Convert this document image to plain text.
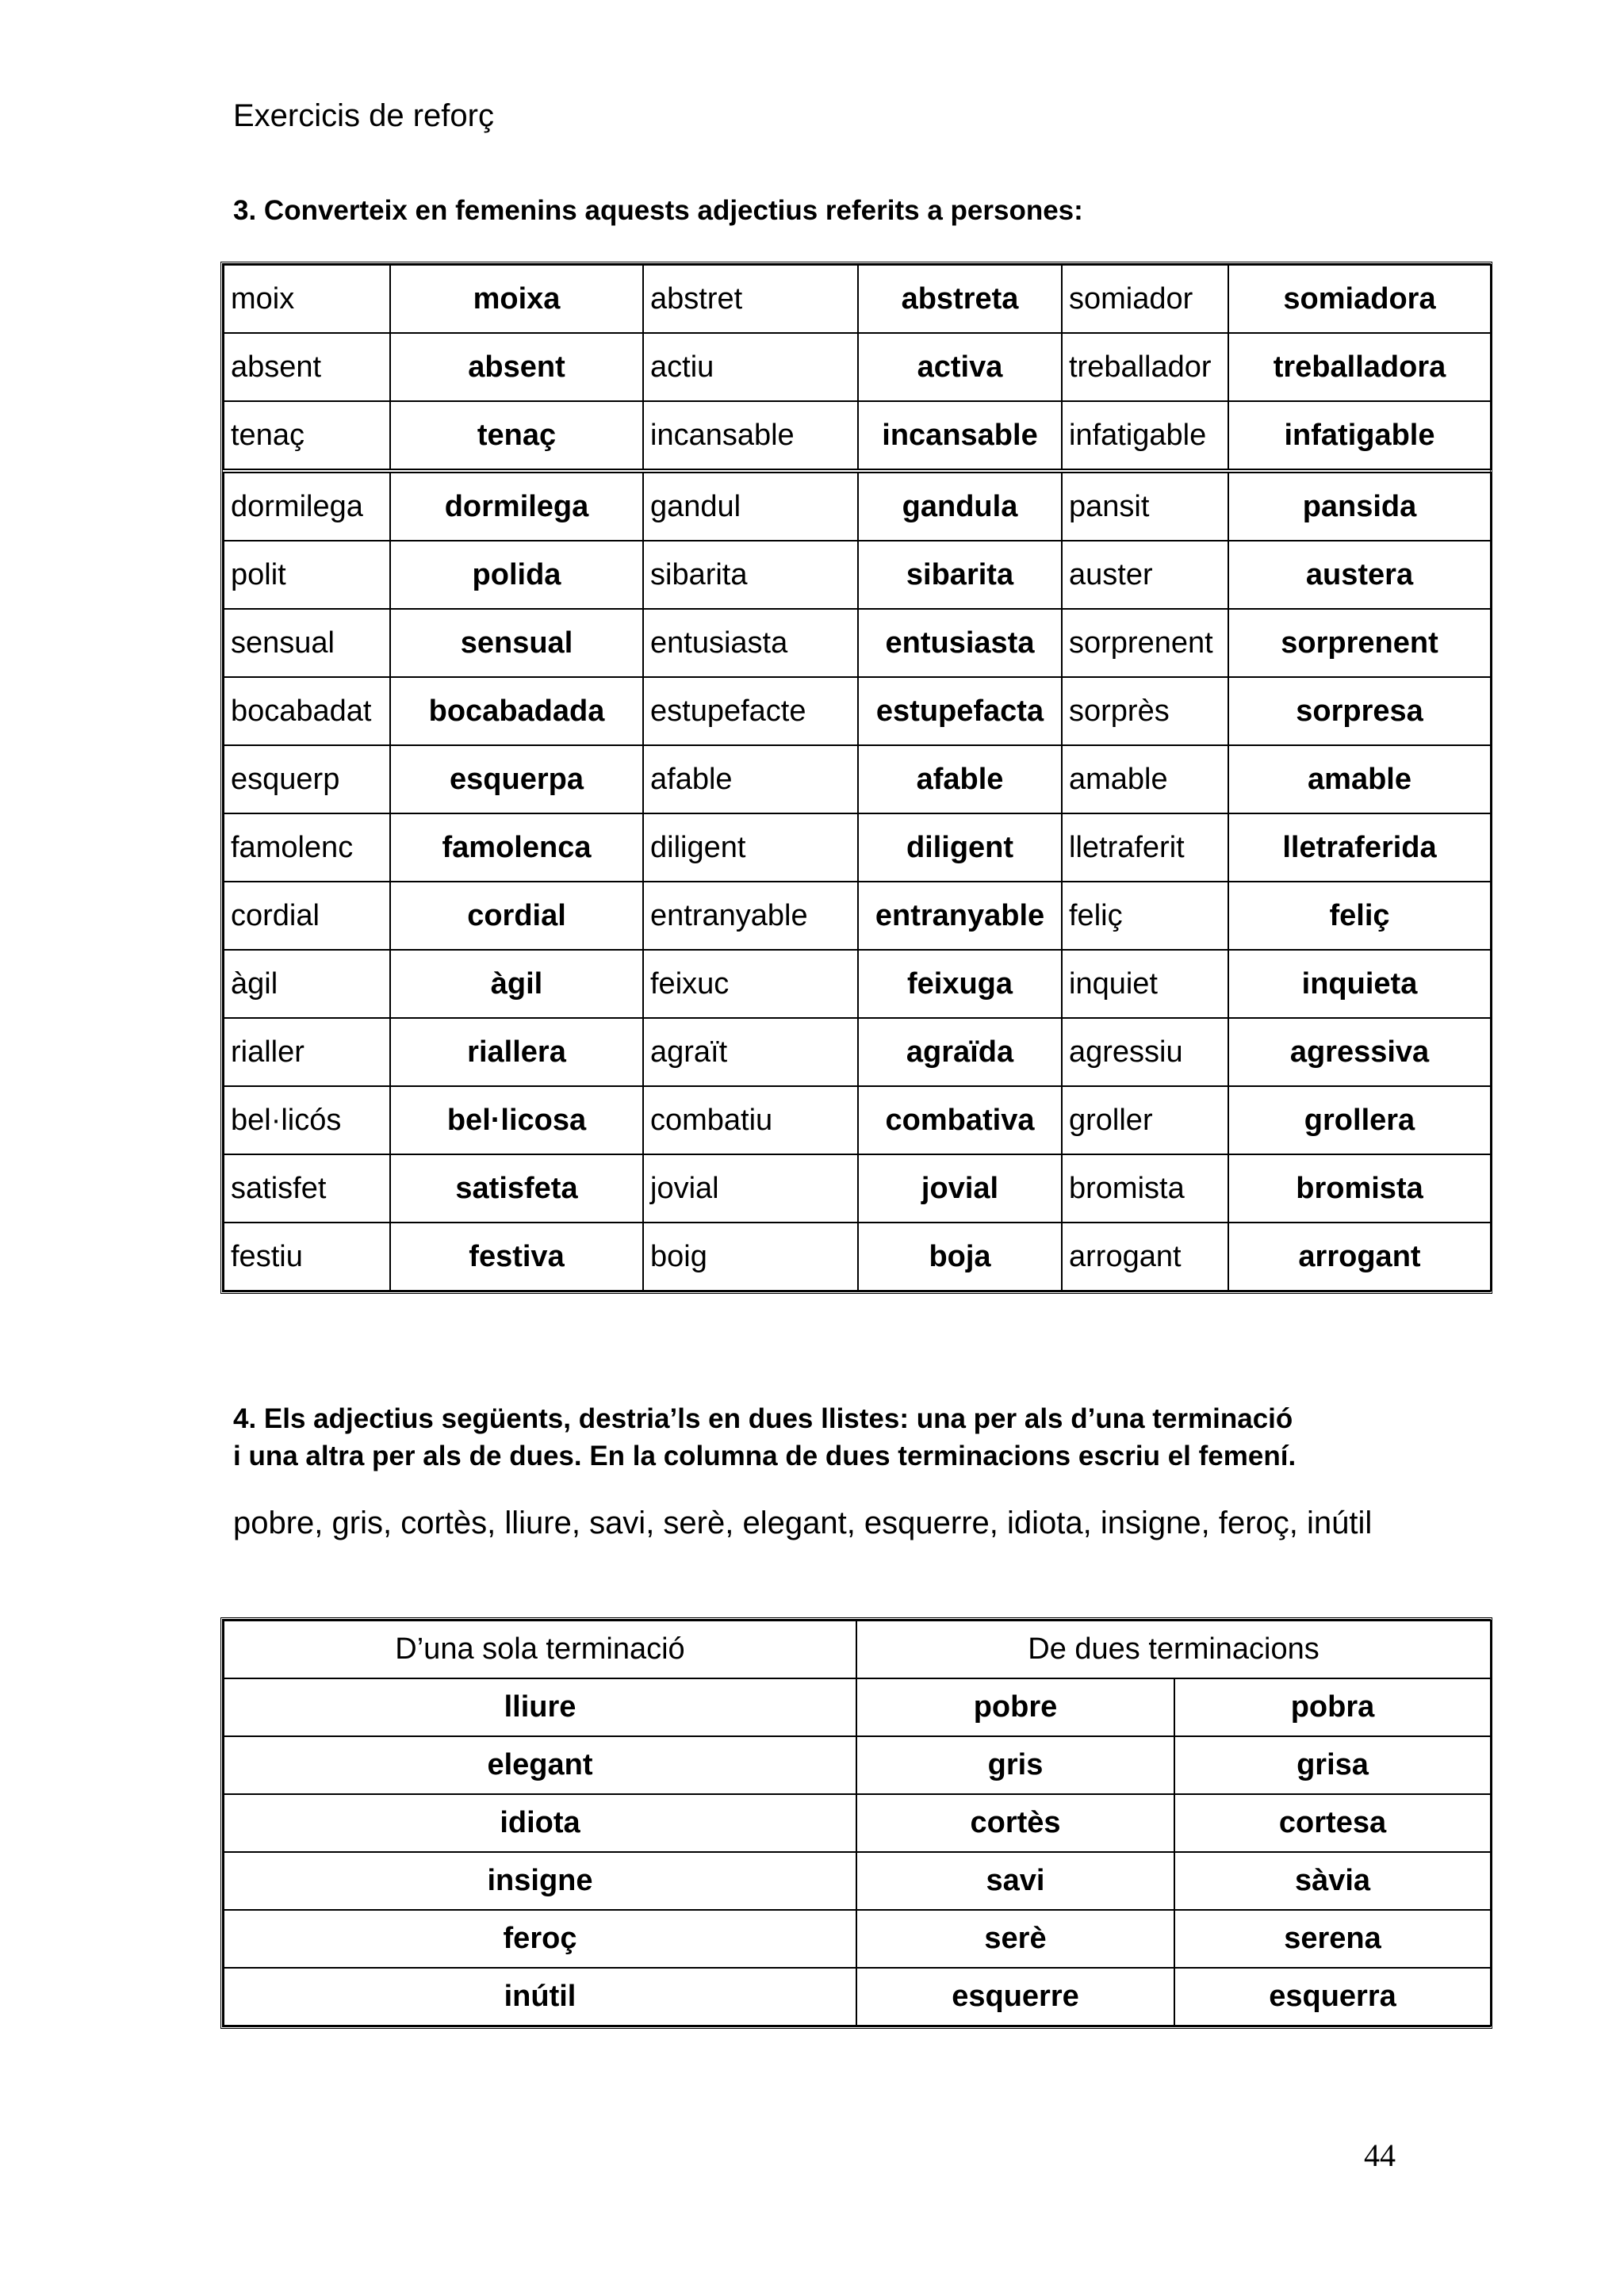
Exercicis de reforç

3. Converteix en femenins aquests adjectius referits a persones:

moix	moixa	abstret	abstreta	somiador	somiadora
absent	absent	actiu	activa	treballador	treballadora
tenaç	tenaç	incansable	incansable	infatigable	infatigable
dormilega	dormilega	gandul	gandula	pansit	pansida
polit	polida	sibarita	sibarita	auster	austera
sensual	sensual	entusiasta	entusiasta	sorprenent	sorprenent
bocabadat	bocabadada	estupefacte	estupefacta	sorprès	sorpresa
esquerp	esquerpa	afable	afable	amable	amable
famolenc	famolenca	diligent	diligent	lletraferit	lletraferida
cordial	cordial	entranyable	entranyable	feliç	feliç
àgil	àgil	feixuc	feixuga	inquiet	inquieta
rialler	riallera	agraït	agraïda	agressiu	agressiva
bel·licós	bel·licosa	combatiu	combativa	groller	grollera
satisfet	satisfeta	jovial	jovial	bromista	bromista
festiu	festiva	boig	boja	arrogant	arrogant
4. Els adjectius següents, destria’ls en dues llistes: una per als d’una terminació
i una altra per als de dues. En la columna de dues terminacions escriu el femení.

pobre, gris, cortès, lliure, savi, serè, elegant, esquerre, idiota, insigne, feroç, inútil

D’una sola terminació	De dues terminacions	
lliure	pobre	pobra
elegant	gris	grisa
idiota	cortès	cortesa
insigne	savi	sàvia
feroç	serè	serena
inútil	esquerre	esquerra
44
